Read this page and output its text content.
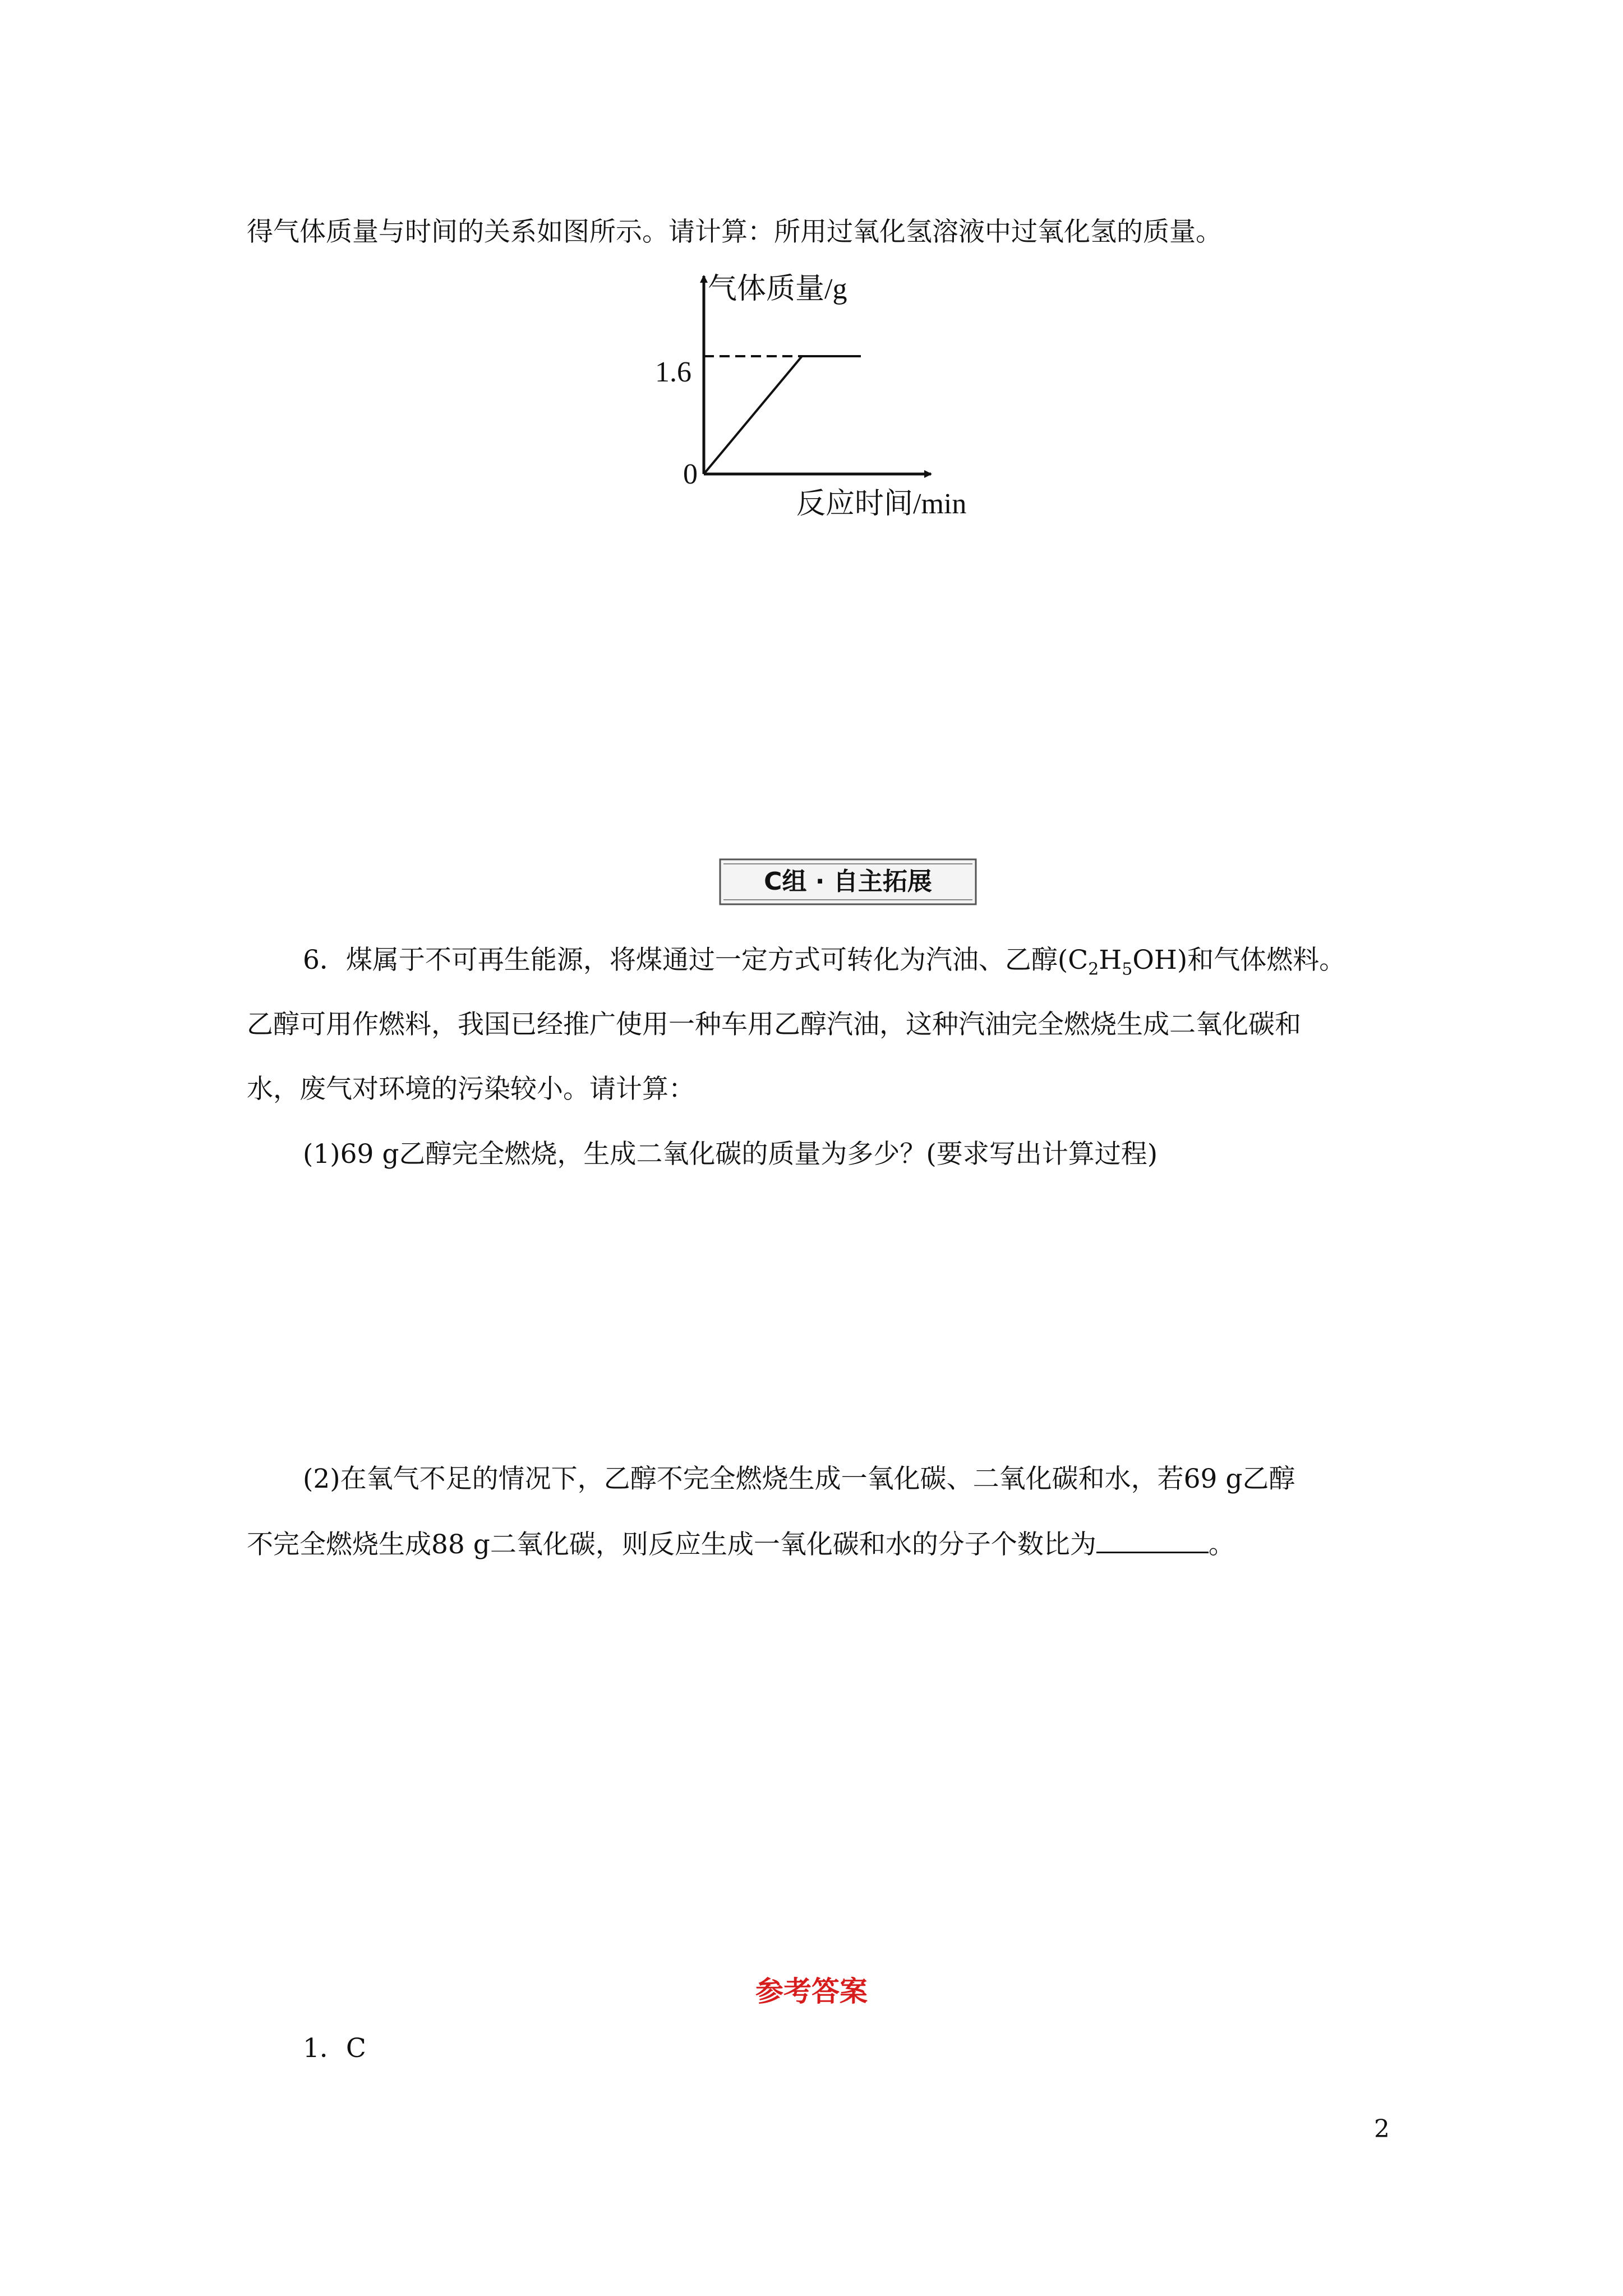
得气体质量与时间的关系如图所示。请计算：所用过氧化氢溶液中过氧化氢的质量。
气体质量/g
反应时间/min
1.6
0
C组 · 自主拓展
6．煤属于不可再生能源，将煤通过一定方式可转化为汽油、乙醇$(C_2H_5OH)$和气体燃料。
乙醇可用作燃料，我国已经推广使用一种车用乙醇汽油，这种汽油完全燃烧生成二氧化碳和
水，废气对环境的污染较小。请计算：
(1)69 g乙醇完全燃烧，生成二氧化碳的质量为多少？(要求写出计算过程)
(2)在氧气不足的情况下，乙醇不完全燃烧生成一氧化碳、二氧化碳和水，若69 g乙醇
不完全燃烧生成88 g二氧化碳，则反应生成一氧化碳和水的分子个数比为	。
参考答案
1．C
2
